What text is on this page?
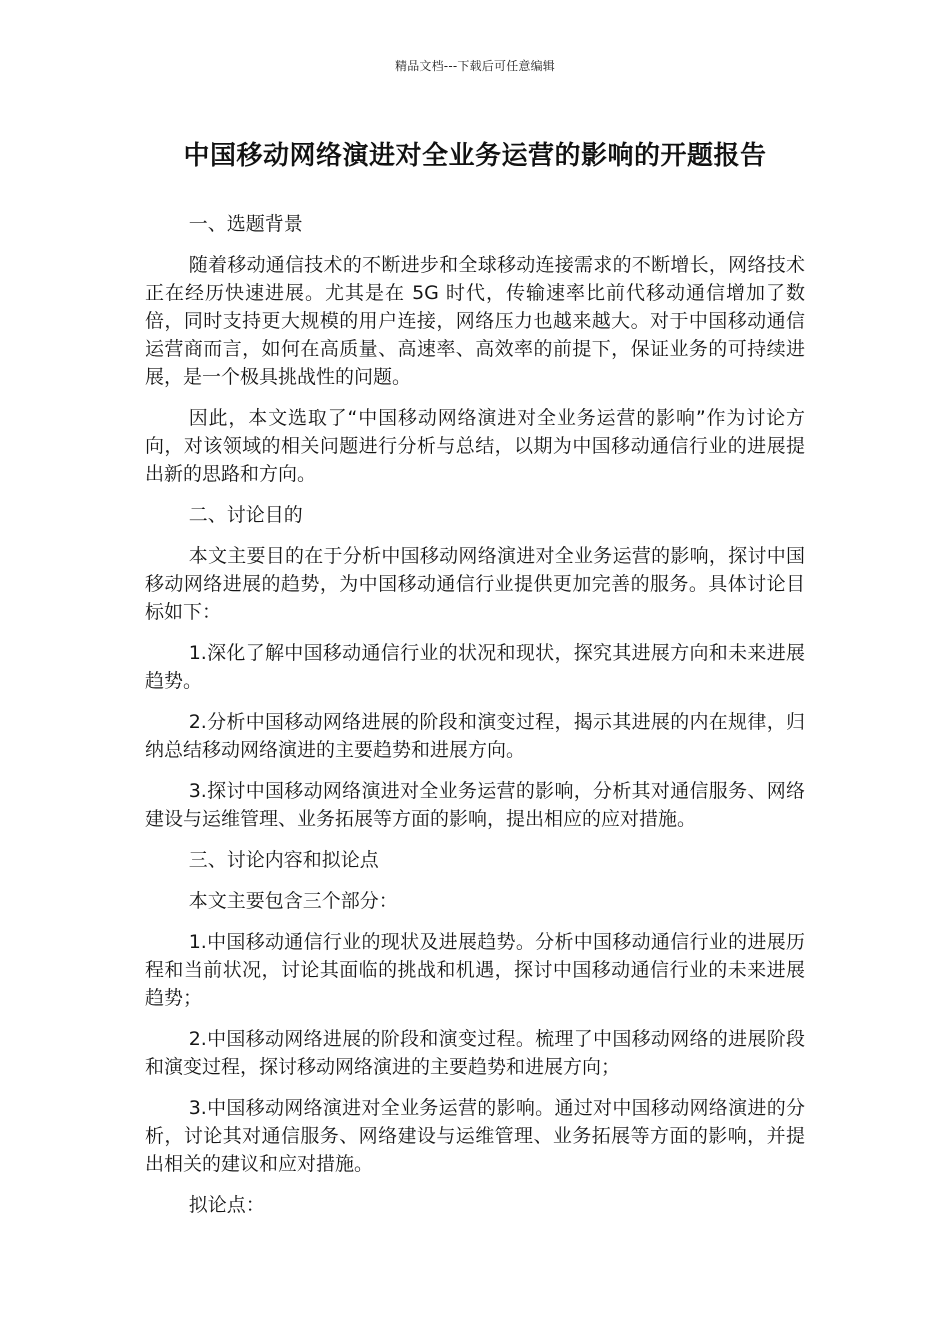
精品文档---下载后可任意编辑
中国移动网络演进对全业务运营的影响的开题报告

一、选题背景

随着移动通信技术的不断进步和全球移动连接需求的不断增长，网络技术正在经历快速进展。尤其是在 5G 时代，传输速率比前代移动通信增加了数倍，同时支持更大规模的用户连接，网络压力也越来越大。对于中国移动通信运营商而言，如何在高质量、高速率、高效率的前提下，保证业务的可持续进展，是一个极具挑战性的问题。

因此，本文选取了“中国移动网络演进对全业务运营的影响”作为讨论方向，对该领域的相关问题进行分析与总结，以期为中国移动通信行业的进展提出新的思路和方向。

二、讨论目的

本文主要目的在于分析中国移动网络演进对全业务运营的影响，探讨中国移动网络进展的趋势，为中国移动通信行业提供更加完善的服务。具体讨论目标如下：

1.深化了解中国移动通信行业的状况和现状，探究其进展方向和未来进展趋势。

2.分析中国移动网络进展的阶段和演变过程，揭示其进展的内在规律，归纳总结移动网络演进的主要趋势和进展方向。

3.探讨中国移动网络演进对全业务运营的影响，分析其对通信服务、网络建设与运维管理、业务拓展等方面的影响，提出相应的应对措施。

三、讨论内容和拟论点

本文主要包含三个部分：

1.中国移动通信行业的现状及进展趋势。分析中国移动通信行业的进展历程和当前状况，讨论其面临的挑战和机遇，探讨中国移动通信行业的未来进展趋势；

2.中国移动网络进展的阶段和演变过程。梳理了中国移动网络的进展阶段和演变过程，探讨移动网络演进的主要趋势和进展方向；

3.中国移动网络演进对全业务运营的影响。通过对中国移动网络演进的分析，讨论其对通信服务、网络建设与运维管理、业务拓展等方面的影响，并提出相关的建议和应对措施。

拟论点：
